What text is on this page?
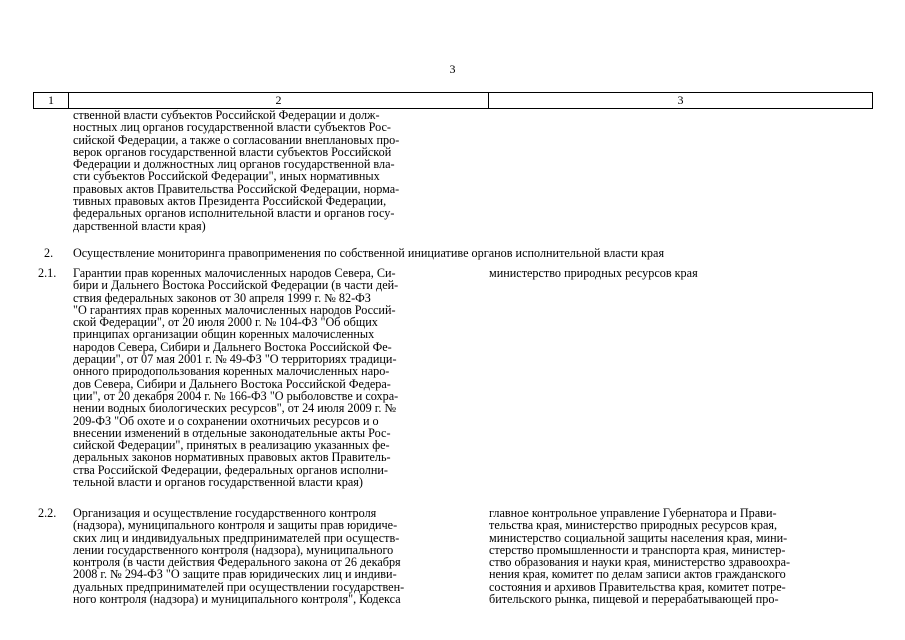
3
1	2	3
ственной власти субъектов Российской Федерации и долж-
ностных лиц органов государственной власти субъектов Рос-
сийской Федерации, а также о согласовании внеплановых про-
верок органов государственной власти субъектов Российской
Федерации и должностных лиц органов государственной вла-
сти субъектов Российской Федерации", иных нормативных
правовых актов Правительства Российской Федерации, норма-
тивных правовых актов Президента Российской Федерации,
федеральных органов исполнительной власти и органов госу-
дарственной власти края)
2. Осуществление мониторинга правоприменения по собственной инициативе органов исполнительной власти края
2.1. Гарантии прав коренных малочисленных народов Севера, Си-
бири и Дальнего Востока Российской Федерации (в части дей-
ствия федеральных законов от 30 апреля 1999 г. № 82-ФЗ
"О гарантиях прав коренных малочисленных народов Россий-
ской Федерации", от 20 июля 2000 г. № 104-ФЗ "Об общих
принципах организации общин коренных малочисленных
народов Севера, Сибири и Дальнего Востока Российской Фе-
дерации", от 07 мая 2001 г. № 49-ФЗ "О территориях традици-
онного природопользования коренных малочисленных наро-
дов Севера, Сибири и Дальнего Востока Российской Федера-
ции", от 20 декабря 2004 г. № 166-ФЗ "О рыболовстве и сохра-
нении водных биологических ресурсов", от 24 июля 2009 г. №
209-ФЗ "Об охоте и о сохранении охотничьих ресурсов и о
внесении изменений в отдельные законодательные акты Рос-
сийской Федерации", принятых в реализацию указанных фе-
деральных законов нормативных правовых актов Правитель-
ства Российской Федерации, федеральных органов исполни-
тельной власти и органов государственной власти края)
министерство природных ресурсов края
2.2. Организация и осуществление государственного контроля
(надзора), муниципального контроля и защиты прав юридиче-
ских лиц и индивидуальных предпринимателей при осуществ-
лении государственного контроля (надзора), муниципального
контроля (в части действия Федерального закона от 26 декабря
2008 г. № 294-ФЗ "О защите прав юридических лиц и индиви-
дуальных предпринимателей при осуществлении государствен-
ного контроля (надзора) и муниципального контроля", Кодекса
главное контрольное управление Губернатора и Прави-
тельства края, министерство природных ресурсов края,
министерство социальной защиты населения края, мини-
стерство промышленности и транспорта края, министер-
ство образования и науки края, министерство здравоохра-
нения края, комитет по делам записи актов гражданского
состояния и архивов Правительства края, комитет потре-
бительского рынка, пищевой и перерабатывающей про-
